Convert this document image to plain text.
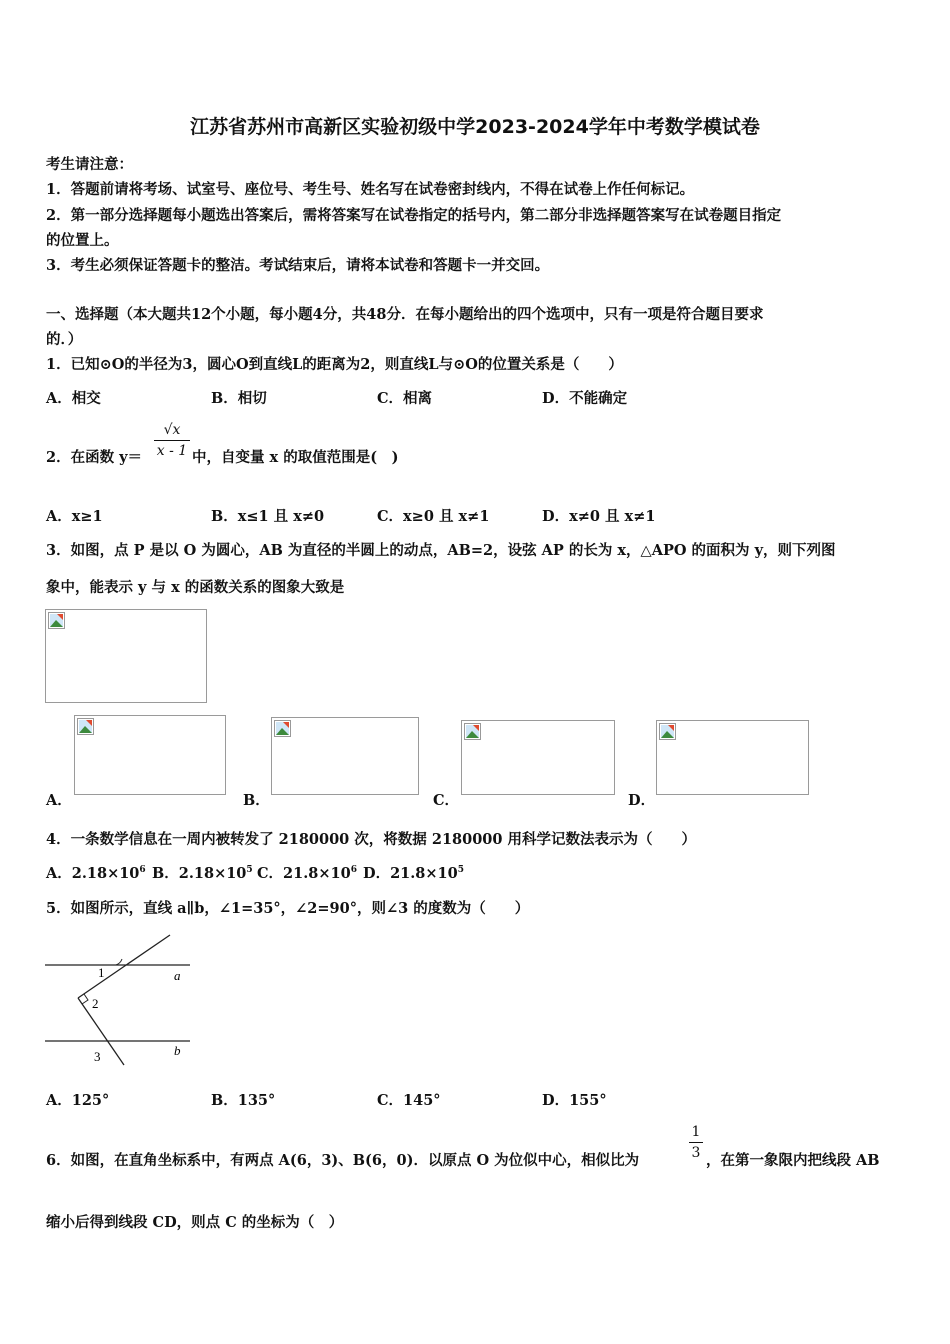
江苏省苏州市高新区实验初级中学2023-2024学年中考数学模试卷
考生请注意：
1．答题前请将考场、试室号、座位号、考生号、姓名写在试卷密封线内，不得在试卷上作任何标记。
2．第一部分选择题每小题选出答案后，需将答案写在试卷指定的括号内，第二部分非选择题答案写在试卷题目指定
的位置上。
3．考生必须保证答题卡的整洁。考试结束后，请将本试卷和答题卡一并交回。
一、选择题（本大题共12个小题，每小题4分，共48分．在每小题给出的四个选项中，只有一项是符合题目要求
的．）
1．已知⊙O的半径为3，圆心O到直线L的距离为2，则直线L与⊙O的位置关系是（　　）
A．相交	B．相切	C．相离	D．不能确定
2．在函数 y＝
√x
x - 1 中，自变量 x 的取值范围是(　)
A．x≥1	B．x≤1 且 x≠0	C．x≥0 且 x≠1	D．x≠0 且 x≠1
3．如图，点 P 是以 O 为圆心，AB 为直径的半圆上的动点，AB=2，设弦 AP 的长为 x，△APO 的面积为 y，则下列图
象中，能表示 y 与 x 的函数关系的图象大致是
A．	B．	C．	D．
4．一条数学信息在一周内被转发了 2180000 次，将数据 2180000 用科学记数法表示为（　　）
A．$2.18\times 10^6$ B．$2.18\times 10^5$ C．$21.8\times 10^6$ D．$21.8\times 10^5$
5．如图所示，直线 a∥b，∠1=35°，∠2=90°，则∠3 的度数为（　　）
1
2
3
a
b
A．125°	B．135°	C．145°	D．155°
6．如图，在直角坐标系中，有两点 A(6，3)、B(6，0)．以原点 O 为位似中心，相似比为
1
3 ，在第一象限内把线段 AB
缩小后得到线段 CD，则点 C 的坐标为（　）
